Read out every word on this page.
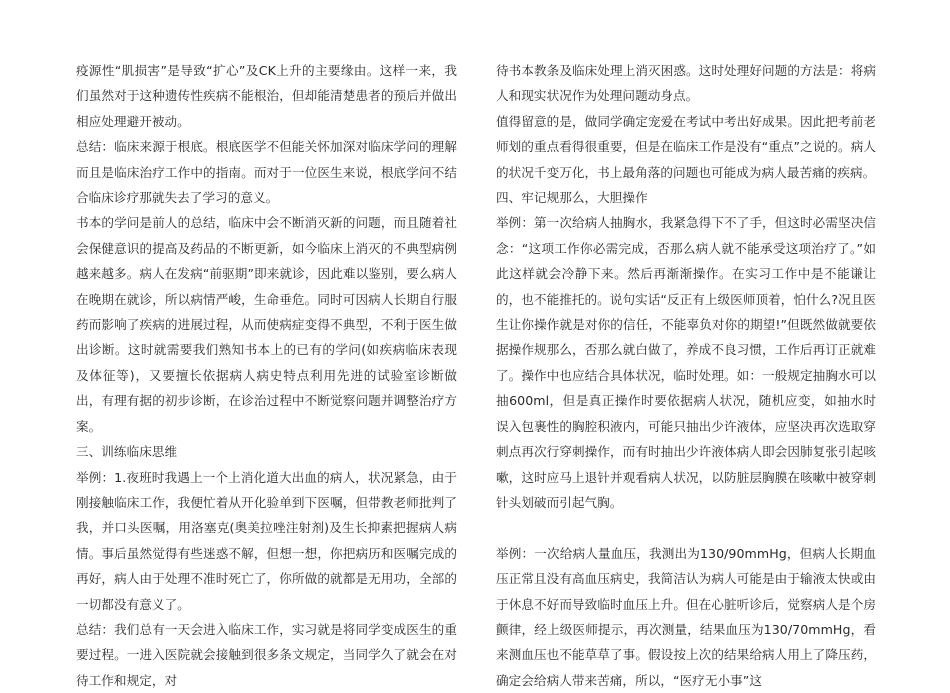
疫源性“肌损害”是导致“扩心”及CK上升的主要缘由。这样一来，我们虽然对于这种遗传性疾病不能根治，但却能清楚患者的预后并做出相应处理避开被动。

总结：临床来源于根底。根底医学不但能关怀加深对临床学问的理解而且是临床治疗工作中的指南。而对于一位医生来说，根底学问不结合临床诊疗那就失去了学习的意义。

书本的学问是前人的总结，临床中会不断消灭新的问题，而且随着社会保健意识的提高及药品的不断更新，如今临床上消灭的不典型病例越来越多。病人在发病“前驱期”即来就诊，因此难以鉴别，要么病人在晚期在就诊，所以病情严峻，生命垂危。同时可因病人长期自行服药而影响了疾病的进展过程，从而使病症变得不典型，不利于医生做出诊断。这时就需要我们熟知书本上的已有的学问(如疾病临床表现及体征等)，又要擅长依据病人病史特点利用先进的试验室诊断做出，有理有据的初步诊断，在诊治过程中不断觉察问题并调整治疗方案。

三、训练临床思维

举例：1.夜班时我遇上一个上消化道大出血的病人，状况紧急，由于刚接触临床工作，我便忙着从开化验单到下医嘱，但带教老师批判了我，并口头医嘱，用洛塞克(奥美拉唑注射剂)及生长抑素把握病人病情。事后虽然觉得有些迷惑不解，但想一想，你把病历和医嘱完成的再好，病人由于处理不准时死亡了，你所做的就都是无用功，全部的一切都没有意义了。

总结：我们总有一天会进入临床工作，实习就是将同学变成医生的重要过程。一进入医院就会接触到很多条文规定，当同学久了就会在对待工作和规定，对

待书本教条及临床处理上消灭困惑。这时处理好问题的方法是：将病人和现实状况作为处理问题动身点。

值得留意的是，做同学确定宠爱在考试中考出好成果。因此把考前老师划的重点看得很重要，但是在临床工作是没有“重点”之说的。病人的状况千变万化，书上最角落的问题也可能成为病人最苦痛的疾病。

四、牢记规那么，大胆操作

举例：第一次给病人抽胸水，我紧急得下不了手，但这时必需坚决信念：“这项工作你必需完成，否那么病人就不能承受这项治疗了。”如此这样就会冷静下来。然后再渐渐操作。在实习工作中是不能谦让的，也不能推托的。说句实话“反正有上级医师顶着，怕什么?况且医生让你操作就是对你的信任，不能辜负对你的期望!”但既然做就要依据操作规那么，否那么就白做了，养成不良习惯，工作后再订正就难了。操作中也应结合具体状况，临时处理。如：一般规定抽胸水可以抽600ml，但是真正操作时要依据病人状况，随机应变，如抽水时误入包裹性的胸腔积液内，可能只抽出少许液体，应坚决再次选取穿刺点再次行穿刺操作，而有时抽出少许液体病人即会因肺复张引起咳嗽，这时应马上退针并观看病人状况，以防脏层胸膜在咳嗽中被穿刺针头划破而引起气胸。

举例：一次给病人量血压，我测出为130/90mmHg，但病人长期血压正常且没有高血压病史，我简洁认为病人可能是由于输液太快或由于休息不好而导致临时血压上升。但在心脏听诊后，觉察病人是个房颤律，经上级医师提示，再次测量，结果血压为130/70mmHg，看来测血压也不能草草了事。假设按上次的结果给病人用上了降压药，确定会给病人带来苦痛，所以，“医疗无小事”这
